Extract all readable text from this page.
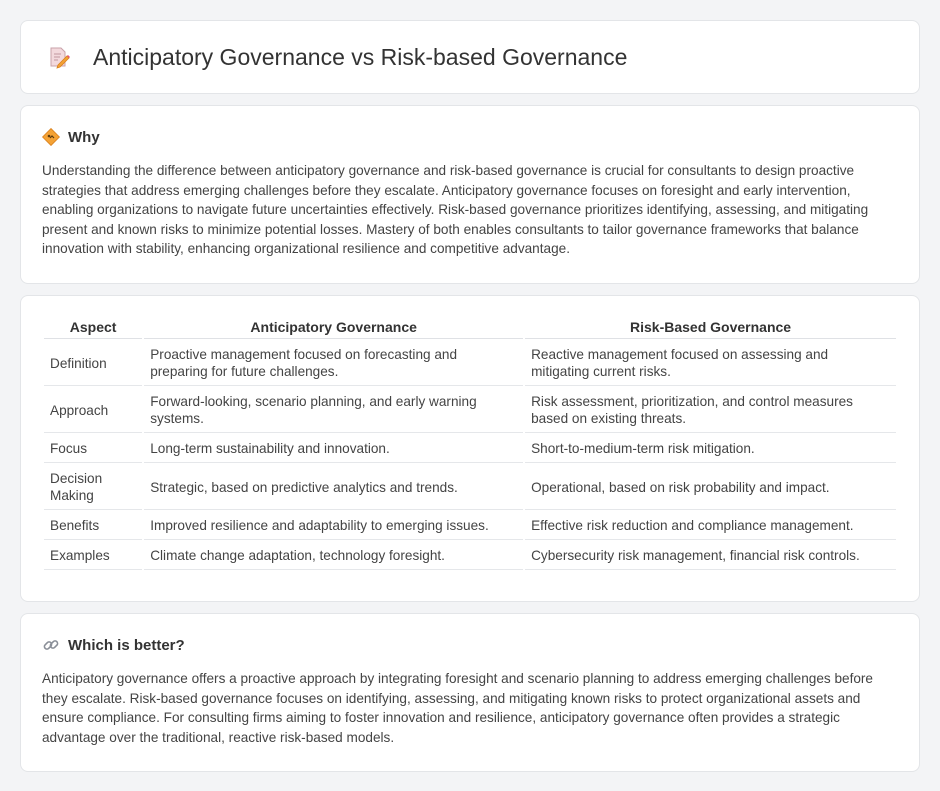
Anticipatory Governance vs Risk-based Governance
Why

Understanding the difference between anticipatory governance and risk-based governance is crucial for consultants to design proactive strategies that address emerging challenges before they escalate. Anticipatory governance focuses on foresight and early intervention, enabling organizations to navigate future uncertainties effectively. Risk-based governance prioritizes identifying, assessing, and mitigating present and known risks to minimize potential losses. Mastery of both enables consultants to tailor governance frameworks that balance innovation with stability, enhancing organizational resilience and competitive advantage.

Aspect	Anticipatory Governance	Risk-Based Governance
Definition	Proactive management focused on forecasting and preparing for future challenges.	Reactive management focused on assessing and mitigating current risks.
Approach	Forward-looking, scenario planning, and early warning systems.	Risk assessment, prioritization, and control measures based on existing threats.
Focus	Long-term sustainability and innovation.	Short-to-medium-term risk mitigation.
Decision Making	Strategic, based on predictive analytics and trends.	Operational, based on risk probability and impact.
Benefits	Improved resilience and adaptability to emerging issues.	Effective risk reduction and compliance management.
Examples	Climate change adaptation, technology foresight.	Cybersecurity risk management, financial risk controls.
Which is better?

Anticipatory governance offers a proactive approach by integrating foresight and scenario planning to address emerging challenges before they escalate. Risk-based governance focuses on identifying, assessing, and mitigating known risks to protect organizational assets and ensure compliance. For consulting firms aiming to foster innovation and resilience, anticipatory governance often provides a strategic advantage over the traditional, reactive risk-based models.
